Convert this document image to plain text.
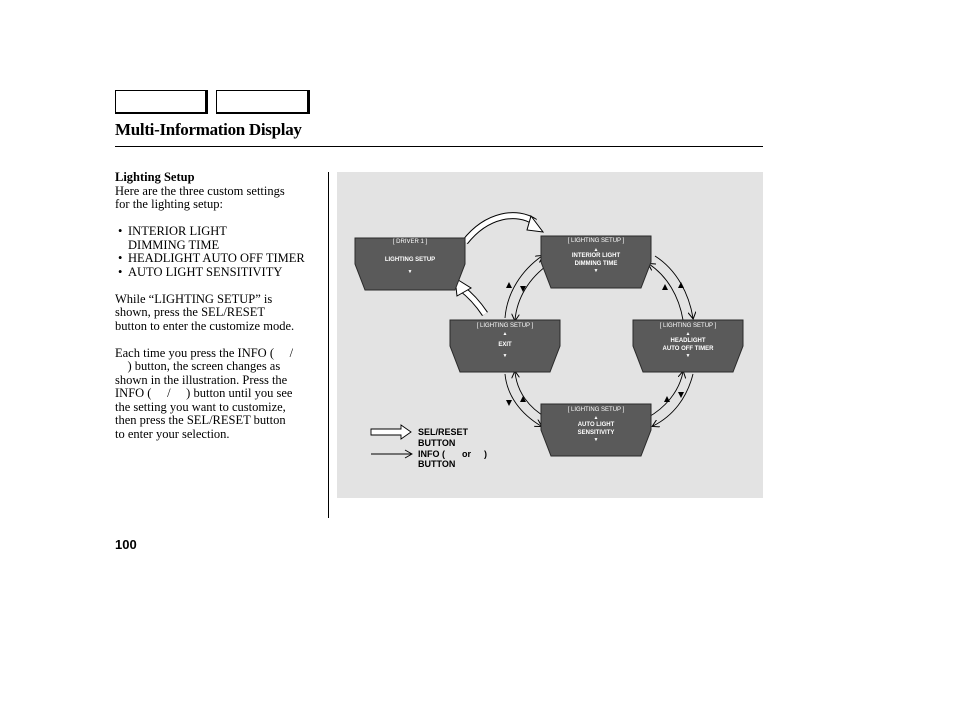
Multi-Information Display
Lighting Setup
Here are the three custom settings
for the lighting setup:
• INTERIOR LIGHT
DIMMING TIME
• HEADLIGHT AUTO OFF TIMER
• AUTO LIGHT SENSITIVITY
While “LIGHTING SETUP” is
shown, press the SEL/RESET
button to enter the customize mode.
Each time you press the INFO (  /
 ) button, the screen changes as
shown in the illustration. Press the
INFO (  /  ) button until you see
the setting you want to customize,
then press the SEL/RESET button
to enter your selection.
[ DRIVER 1 ]
LIGHTING SETUP
▼
[ LIGHTING SETUP ]
▲
INTERIOR LIGHT
DIMMING TIME
▼
[ LIGHTING SETUP ]
▲
EXIT
▼
[ LIGHTING SETUP ]
▲
HEADLIGHT
AUTO OFF TIMER
▼
[ LIGHTING SETUP ]
▲
AUTO LIGHT
SENSITIVITY
▼
SEL/RESET
BUTTON
INFO ( or )
BUTTON
100
